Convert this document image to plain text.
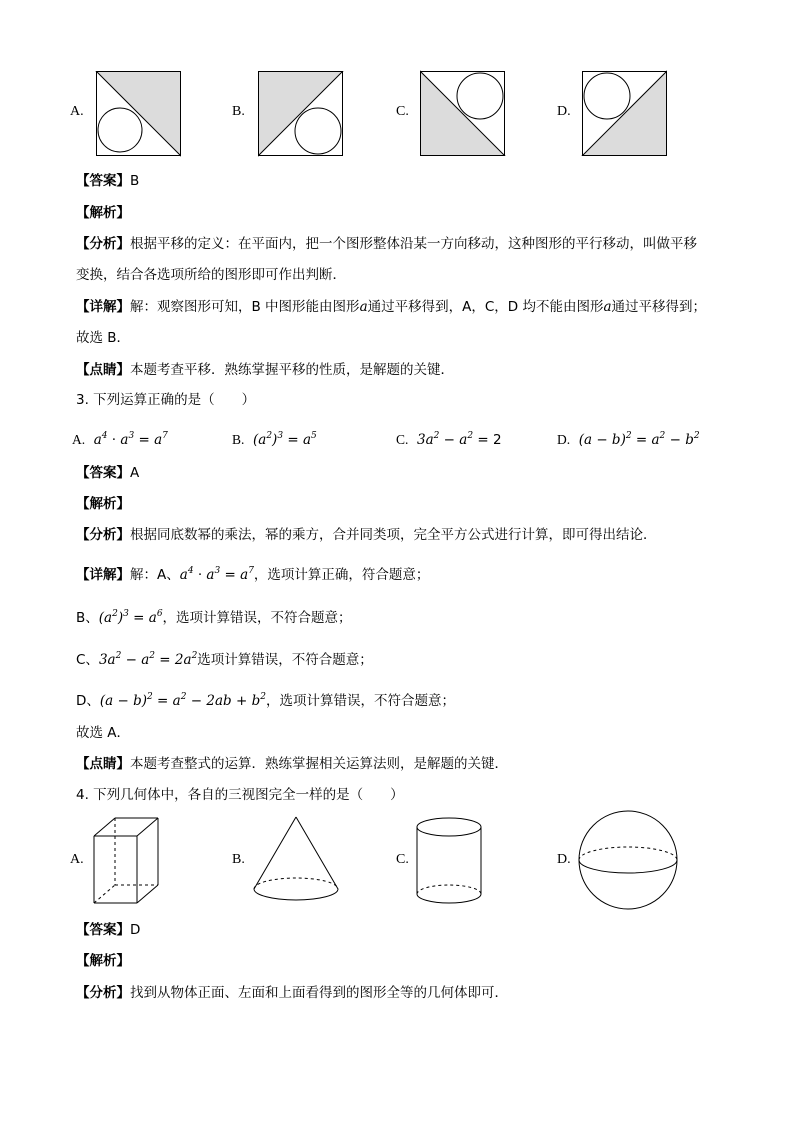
A.	B.	C.	D.
【答案】B
【解析】
【分析】根据平移的定义：在平面内，把一个图形整体沿某一方向移动，这种图形的平行移动，叫做平移
变换，结合各选项所给的图形即可作出判断．
【详解】解：观察图形可知，B 中图形能由图形a通过平移得到，A，C，D 均不能由图形a通过平移得到；
故选 B．
【点睛】本题考查平移．熟练掌握平移的性质，是解题的关键．
3. 下列运算正确的是（　　）
A. $a^4 \cdot a^3 = a^7$	B. $(a^2)^3 = a^5$	C. $3a^2 - a^2 = 2$	D. $(a - b)^2 = a^2 - b^2$
【答案】A
【解析】
【分析】根据同底数幂的乘法，幂的乘方，合并同类项，完全平方公式进行计算，即可得出结论．
【详解】解：A、$a^4 \cdot a^3 = a^7$，选项计算正确，符合题意；
B、$(a^2)^3 = a^6$，选项计算错误，不符合题意；
C、$3a^2 - a^2 = 2a^2$选项计算错误，不符合题意；
D、$(a - b)^2 = a^2 - 2ab + b^2$，选项计算错误，不符合题意；
故选 A．
【点睛】本题考查整式的运算．熟练掌握相关运算法则，是解题的关键．
4. 下列几何体中，各自的三视图完全一样的是（　　）
A.	B.	C.	D.
【答案】D
【解析】
【分析】找到从物体正面、左面和上面看得到的图形全等的几何体即可．
